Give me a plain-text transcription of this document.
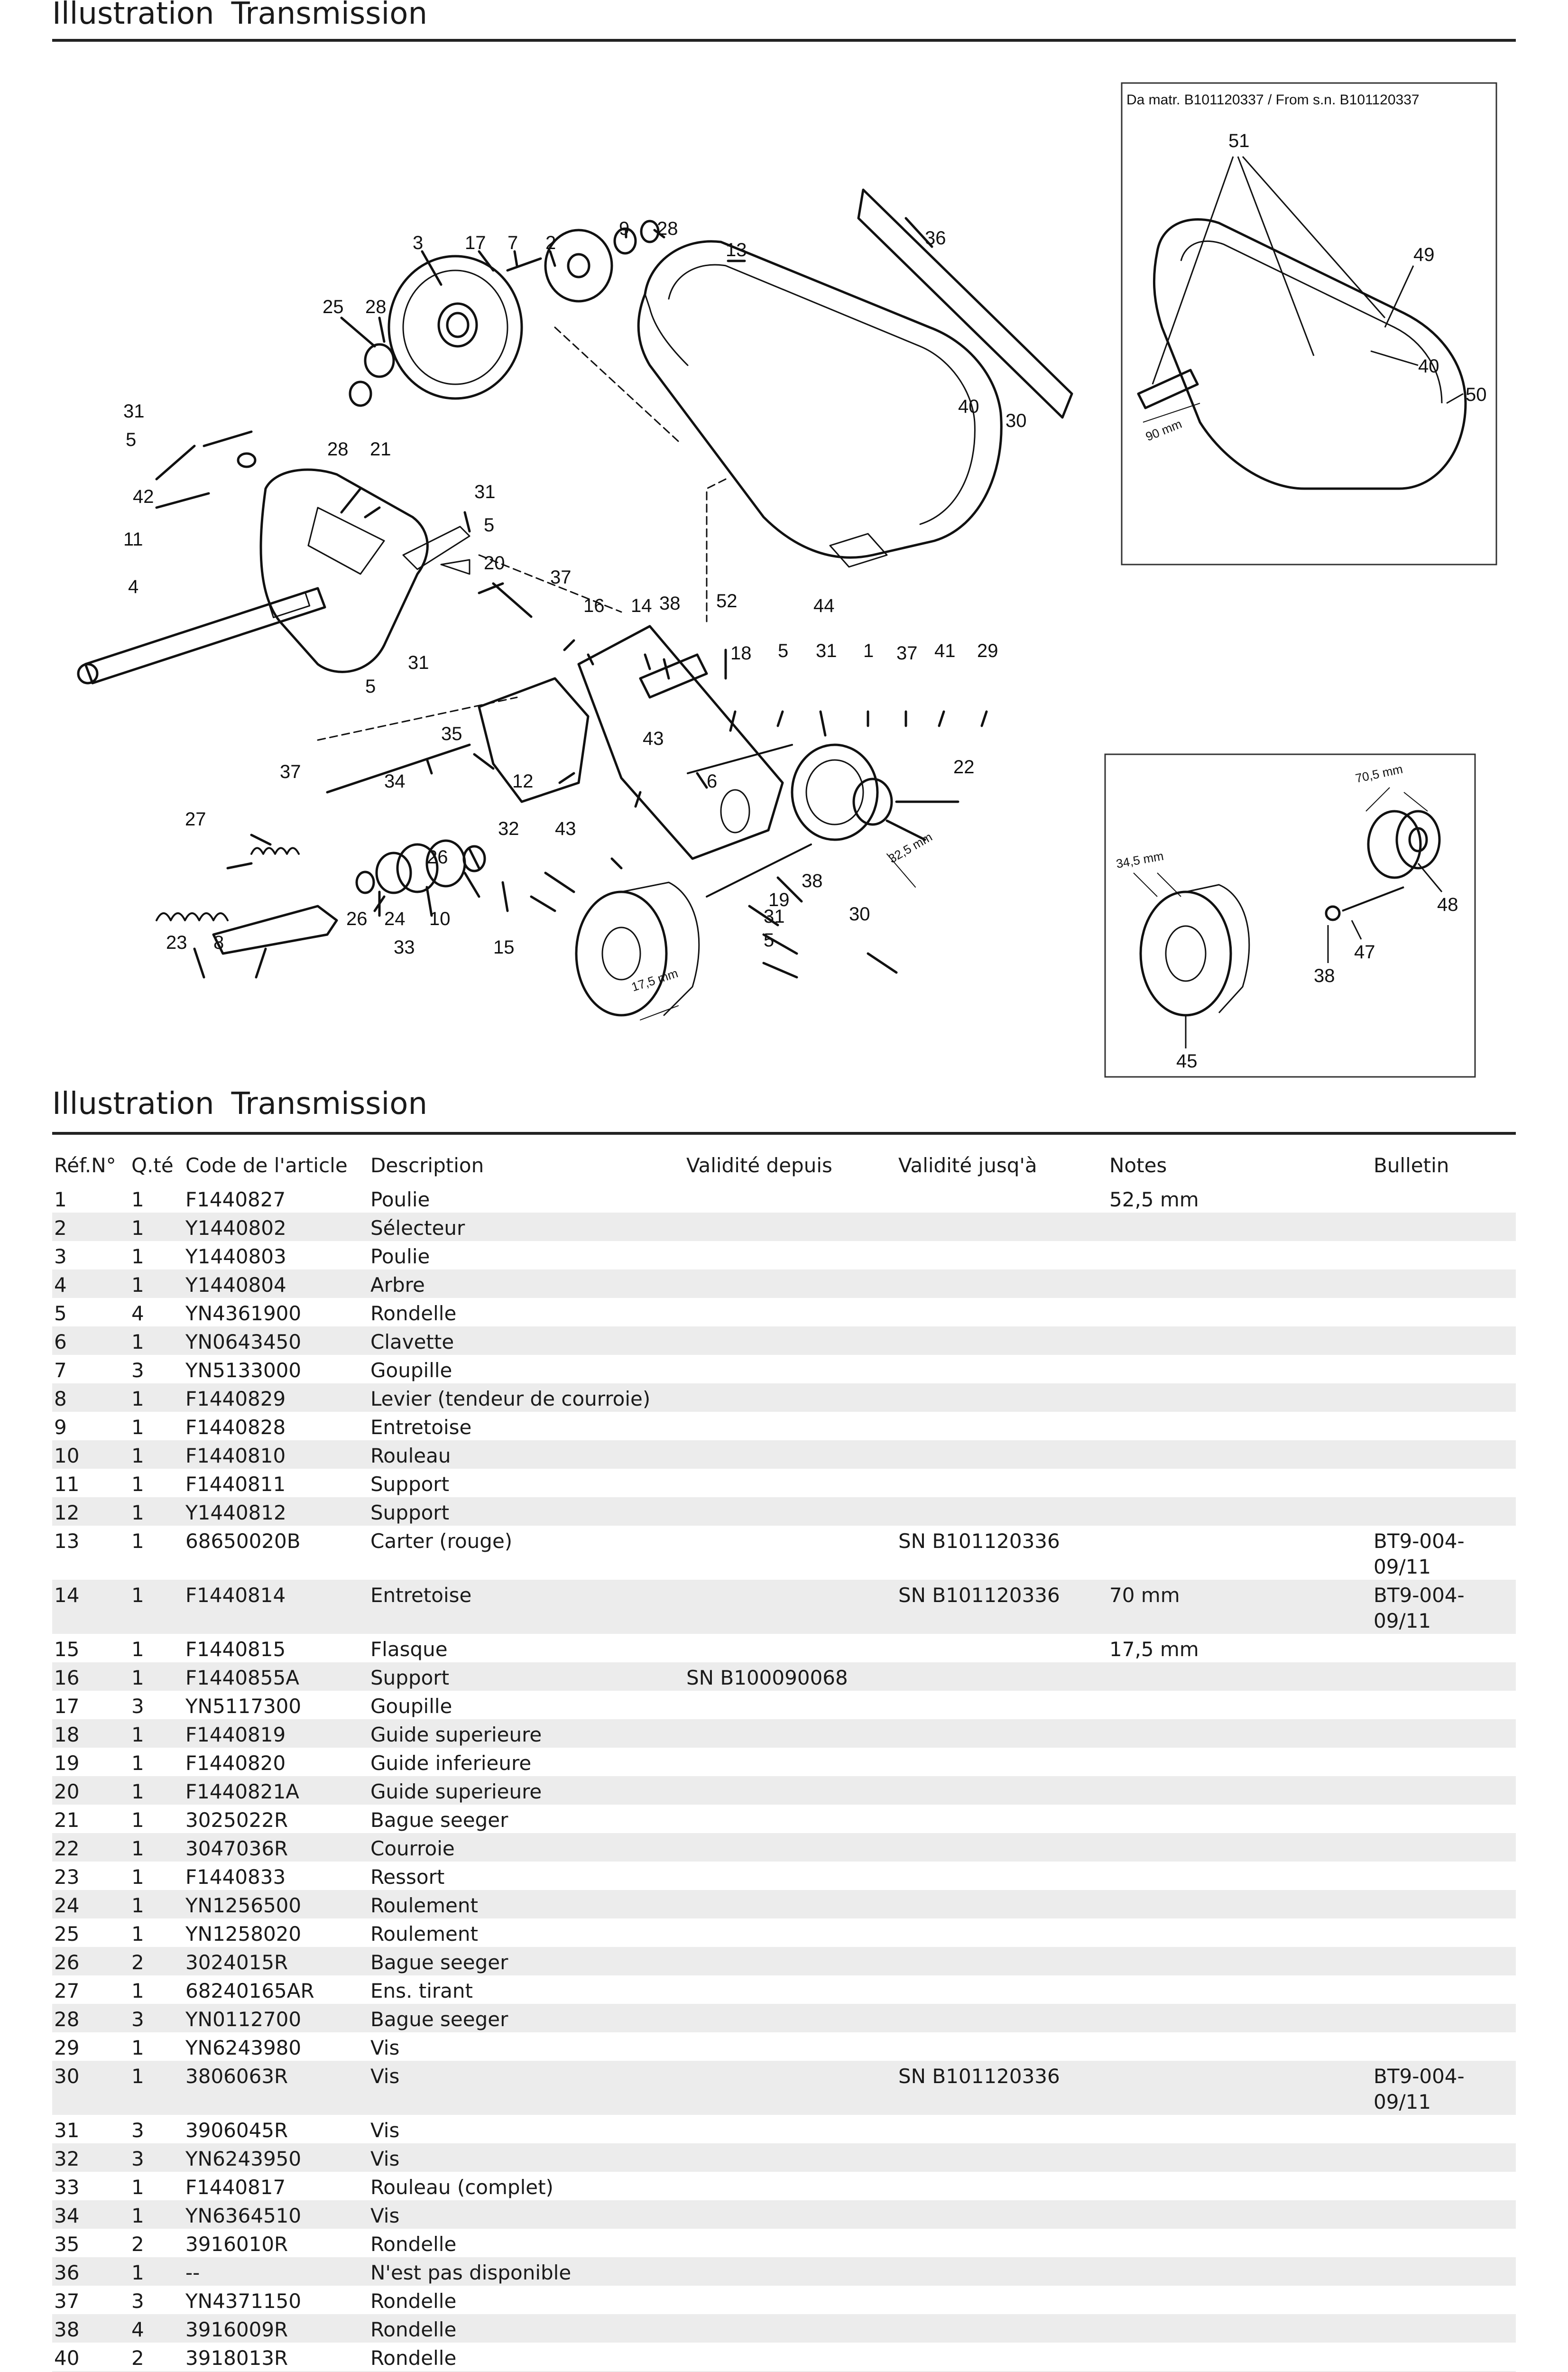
Illustration Transmission
3 17 7 2
9 28
13
36
25 28
31
5	28 21
40
30
42	31
5
11
20
37
4
16 14 38 52	44
18 5 31 1 37 41 29
5
31
35	43
37	34	12	6
22
27
26
32 43
19
38
23 8
26 24 10
33	15
31
5
30
17,5 mm
32,5 mm
Da matr. B101120337 / From s.n. B101120337
51
49
40
50
90 mm
34,5 mm
70,5 mm
48
47
38
45
Illustration Transmission
Réf.N°	Q.té	Code de l'article	Description	Validité depuis	Validité jusq'à	Notes	Bulletin
1	1	F1440827	Poulie			52,5 mm	
2	1	Y1440802	Sélecteur				
3	1	Y1440803	Poulie				
4	1	Y1440804	Arbre				
5	4	YN4361900	Rondelle				
6	1	YN0643450	Clavette				
7	3	YN5133000	Goupille				
8	1	F1440829	Levier (tendeur de courroie)			

9	1	F1440828	Entretoise				
10	1	F1440810	Rouleau				
11	1	F1440811	Support				
12	1	Y1440812	Support				
13	1	68650020B	Carter (rouge)		SN B101120336		BT9-004-09/11
14	1	F1440814	Entretoise		SN B101120336	70 mm	BT9-004-09/11
15	1	F1440815	Flasque			17,5 mm	
16	1	F1440855A	Support	SN B100090068			
17	3	YN5117300	Goupille				
18	1	F1440819	Guide superieure				
19	1	F1440820	Guide inferieure				
20	1	F1440821A	Guide superieure				
21	1	3025022R	Bague seeger				
22	1	3047036R	Courroie				
23	1	F1440833	Ressort				
24	1	YN1256500	Roulement				
25	1	YN1258020	Roulement				
26	2	3024015R	Bague seeger				
27	1	68240165AR	Ens. tirant				
28	3	YN0112700	Bague seeger				
29	1	YN6243980	Vis				
30	1	3806063R	Vis		SN B101120336		BT9-004-09/11
31	3	3906045R	Vis				
32	3	YN6243950	Vis				
33	1	F1440817	Rouleau (complet)				
34	1	YN6364510	Vis				
35	2	3916010R	Rondelle				
36	1	--	N'est pas disponible				
37	3	YN4371150	Rondelle				
38	4	3916009R	Rondelle				
40	2	3918013R	Rondelle				
